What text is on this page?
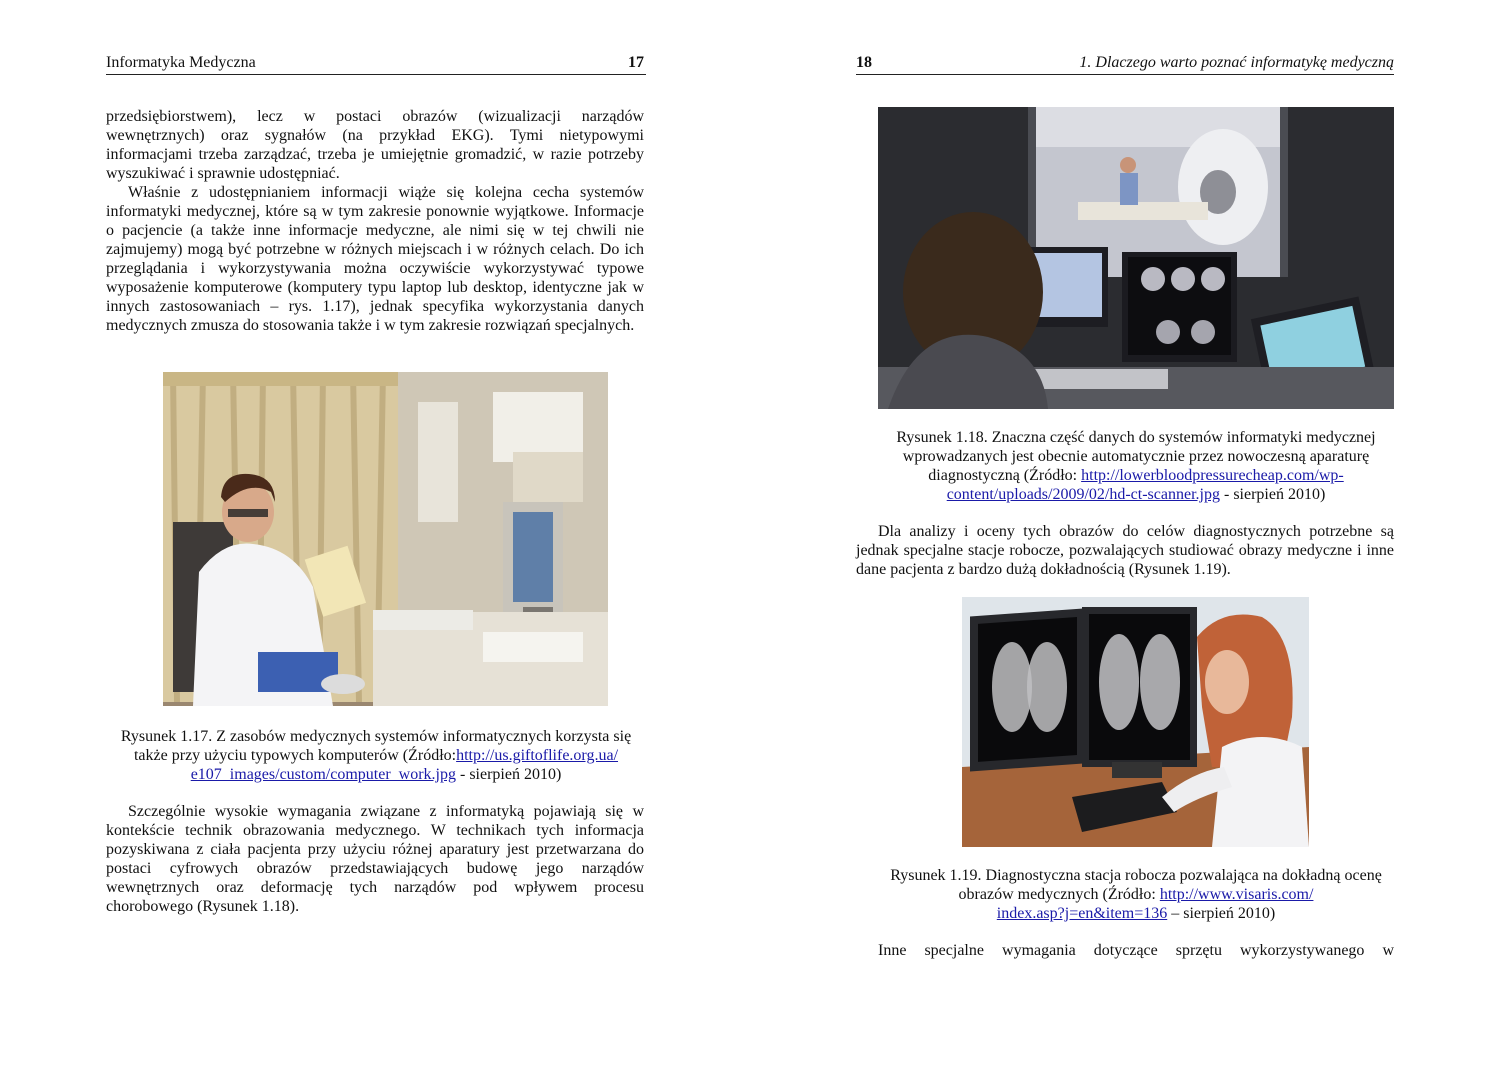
Informatyka Medyczna	17

przedsiębiorstwem), lecz w postaci obrazów (wizualizacji narządów wewnętrznych) oraz sygnałów (na przykład EKG). Tymi nietypowymi informacjami trzeba zarządzać, trzeba je umiejętnie gromadzić, w razie potrzeby wyszukiwać i sprawnie udostępniać.

Właśnie z udostępnianiem informacji wiąże się kolejna cecha systemów informatyki medycznej, które są w tym zakresie ponownie wyjątkowe. Informacje o pacjencie (a także inne informacje medyczne, ale nimi się w tej chwili nie zajmujemy) mogą być potrzebne w różnych miejscach i w różnych celach. Do ich przeglądania i wykorzystywania można oczywiście wykorzystywać typowe wyposażenie komputerowe (komputery typu laptop lub desktop, identyczne jak w innych zastosowaniach – rys. 1.17), jednak specyfika wykorzystania danych medycznych zmusza do stosowania także i w tym zakresie rozwiązań specjalnych.

Rysunek 1.17. Z zasobów medycznych systemów informatycznych korzysta się także przy użyciu typowych komputerów (Źródło:http://us.giftoflife.org.ua/
e107_images/custom/computer_work.jpg - sierpień 2010)

Szczególnie wysokie wymagania związane z informatyką pojawiają się w kontekście technik obrazowania medycznego. W technikach tych informacja pozyskiwana z ciała pacjenta przy użyciu różnej aparatury jest przetwarzana do postaci cyfrowych obrazów przedstawiających budowę jego narządów wewnętrznych oraz deformację tych narządów pod wpływem procesu chorobowego (Rysunek 1.18).

18	1. Dlaczego warto poznać informatykę medyczną
Rysunek 1.18. Znaczna część danych do systemów informatyki medycznej wprowadzanych jest obecnie automatycznie przez nowoczesną aparaturę diagnostyczną (Źródło: http://lowerbloodpressurecheap.com/wp-
content/uploads/2009/02/hd-ct-scanner.jpg - sierpień 2010)

Dla analizy i oceny tych obrazów do celów diagnostycznych potrzebne są jednak specjalne stacje robocze, pozwalających studiować obrazy medyczne i inne dane pacjenta z bardzo dużą dokładnością (Rysunek 1.19).

Rysunek 1.19. Diagnostyczna stacja robocza pozwalająca na dokładną ocenę obrazów medycznych (Źródło: http://www.visaris.com/
index.asp?j=en&item=136 – sierpień 2010)

Inne specjalne wymagania dotyczące sprzętu wykorzystywanego w
